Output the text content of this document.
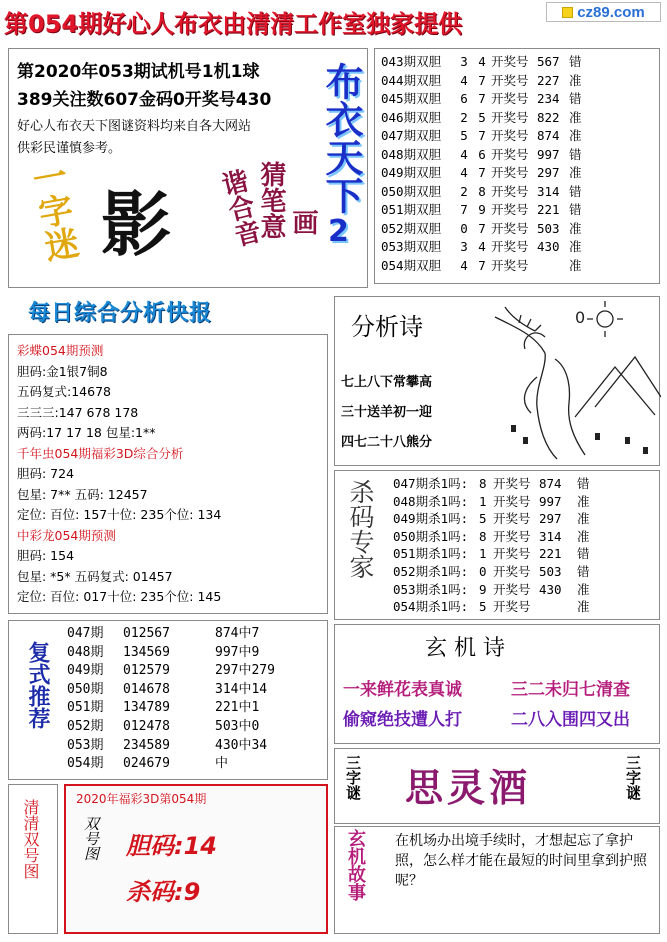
cz89.com
第054期好心人布衣由清清工作室独家提供
第2020年053期试机号1机1球
389关注数607金码0开奖号430
好心人布衣天下图谜资料均来自各大网站
供彩民谨慎参考。
一字迷 影 谐合音
猜笔意 画
布衣天下
2
043期双胆 3 4 开奖号 567 错
044期双胆 4 7 开奖号 227 准
045期双胆 6 7 开奖号 234 错
046期双胆 2 5 开奖号 822 准
047期双胆 5 7 开奖号 874 准
048期双胆 4 6 开奖号 997 错
049期双胆 4 7 开奖号 297 准
050期双胆 2 8 开奖号 314 错
051期双胆 7 9 开奖号 221 错
052期双胆 0 7 开奖号 503 准
053期双胆 3 4 开奖号 430 准
054期双胆 4 7 开奖号	准
每日综合分析快报
彩蝶054期预测
胆码:金1银7铜8
五码复式:14678
三三三:147 678 178
两码:17 17 18 包星:1**
千年虫054期福彩3D综合分析
胆码: 724
包星: 7** 五码: 12457
定位: 百位: 157十位: 235个位: 134
中彩龙054期预测
胆码: 154
包星: *5* 五码复式: 01457
定位: 百位: 017十位: 235个位: 145
分析诗
七上八下常攀高
三十送羊初一迎
四七二十八熊分
0
杀码专家 047期杀1吗: 8 开奖号 874 错
048期杀1吗: 1 开奖号 997 准
049期杀1吗: 5 开奖号 297 准
050期杀1吗: 8 开奖号 314 准
051期杀1吗: 1 开奖号 221 错
052期杀1吗: 0 开奖号 503 错
053期杀1吗: 9 开奖号 430 准
054期杀1吗: 5 开奖号	准
复式推荐
047期 012567	874中7
048期 134569	997中9
049期 012579	297中279
050期 014678	314中14
051期 134789	221中1
052期 012478	503中0
053期 234589	430中34
054期 024679	中
玄 机 诗
一来鲜花表真诚	三二未归七清查
偷窥绝技遭人打	二八入围四又出
清清双号图	2020年福彩3D第054期
双号图 胆码:14
杀码:9
三字谜 思灵酒	三字谜
玄机故事 在机场办出境手续时，才想起忘了拿护照，怎么样才能在最短的时间里拿到护照呢？
